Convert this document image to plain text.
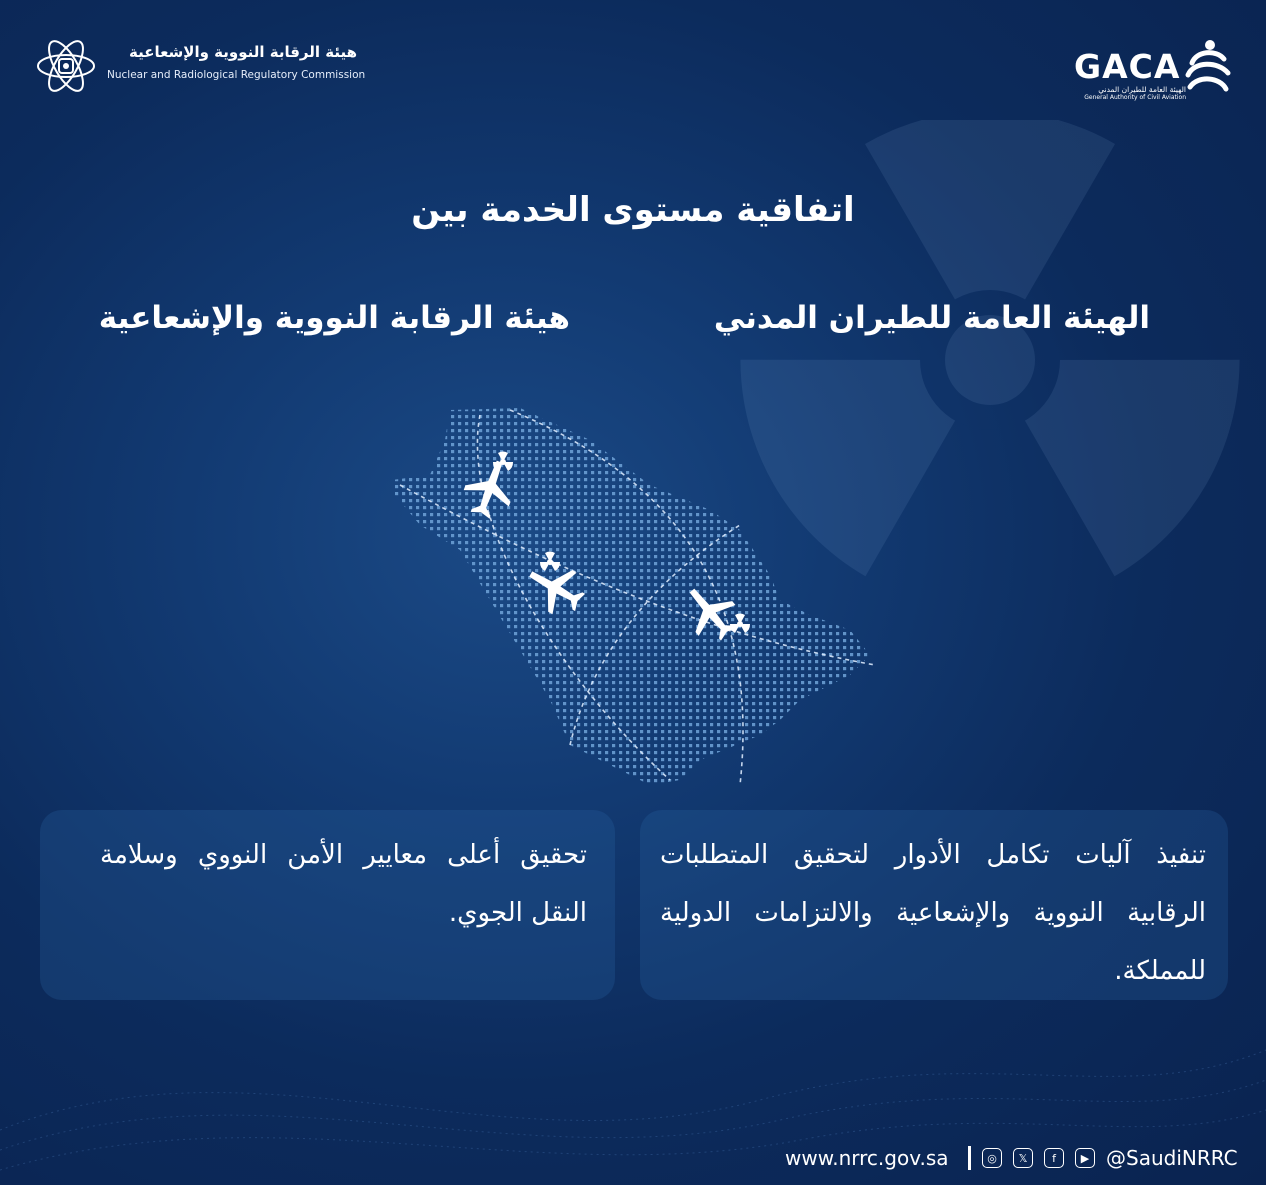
هيئة الرقابة النووية والإشعاعية
Nuclear and Radiological Regulatory Commission	GACA
الهيئة العامة للطيران المدني
General Authority of Civil Aviation
اتفاقية مستوى الخدمة بين
الهيئة العامة للطيران المدني
هيئة الرقابة النووية والإشعاعية
تنفيذ آليات تكامل الأدوار لتحقيق المتطلبات الرقابية النووية والإشعاعية والالتزامات الدولية للمملكة.
تحقيق أعلى معايير الأمن النووي وسلامة النقل الجوي.
www.nrrc.gov.sa	◎	𝕏	f	▶ @SaudiNRRC
